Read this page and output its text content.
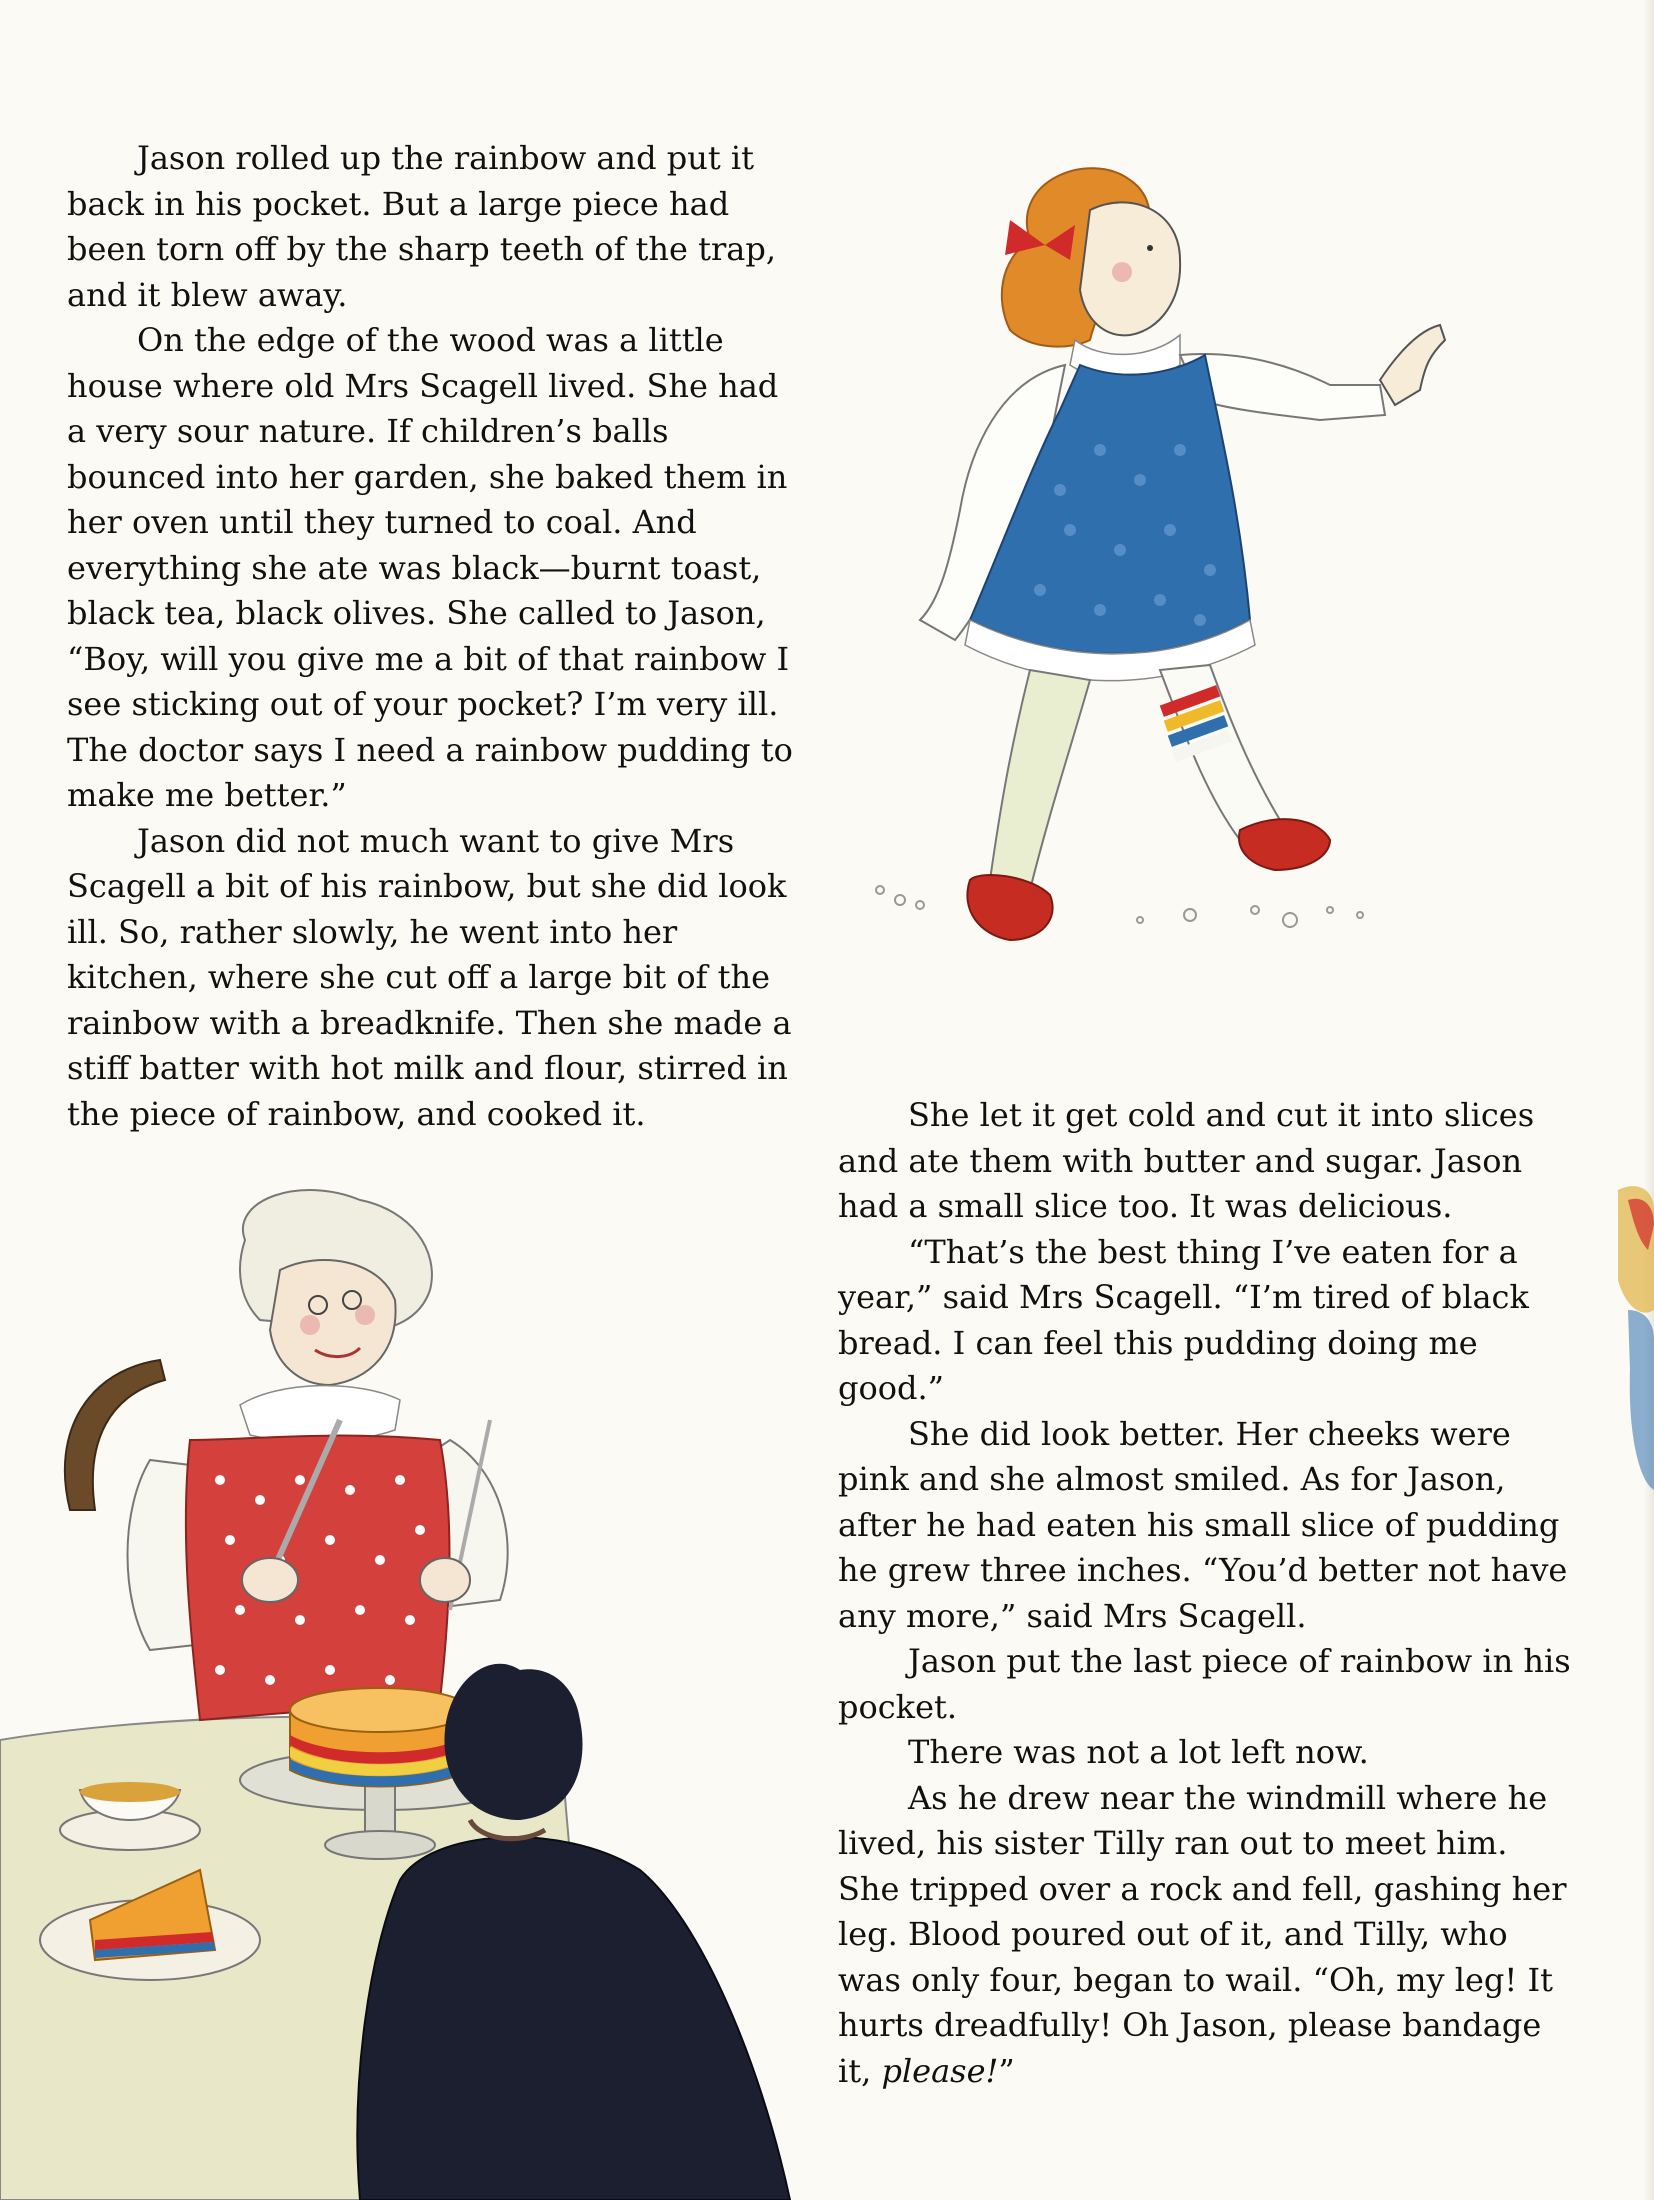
Jason rolled up the rainbow and put it back in his pocket. But a large piece had been torn off by the sharp teeth of the trap, and it blew away.

On the edge of the wood was a little house where old Mrs Scagell lived. She had a very sour nature. If children’s balls bounced into her garden, she baked them in her oven until they turned to coal. And everything she ate was black—burnt toast, black tea, black olives. She called to Jason, “Boy, will you give me a bit of that rainbow I see sticking out of your pocket? I’m very ill. The doctor says I need a rainbow pudding to make me better.”

Jason did not much want to give Mrs Scagell a bit of his rainbow, but she did look ill. So, rather slowly, he went into her kitchen, where she cut off a large bit of the rainbow with a breadknife. Then she made a stiff batter with hot milk and flour, stirred in the piece of rainbow, and cooked it.	She let it get cold and cut it into slices and ate them with butter and sugar. Jason had a small slice too. It was delicious.

“That’s the best thing I’ve eaten for a year,” said Mrs Scagell. “I’m tired of black bread. I can feel this pudding doing me good.”

She did look better. Her cheeks were pink and she almost smiled. As for Jason, after he had eaten his small slice of pudding he grew three inches. “You’d better not have any more,” said Mrs Scagell.

Jason put the last piece of rainbow in his pocket.

There was not a lot left now.

As he drew near the windmill where he lived, his sister Tilly ran out to meet him. She tripped over a rock and fell, gashing her leg. Blood poured out of it, and Tilly, who was only four, began to wail. “Oh, my leg! It hurts dreadfully! Oh Jason, please bandage it, please!”
